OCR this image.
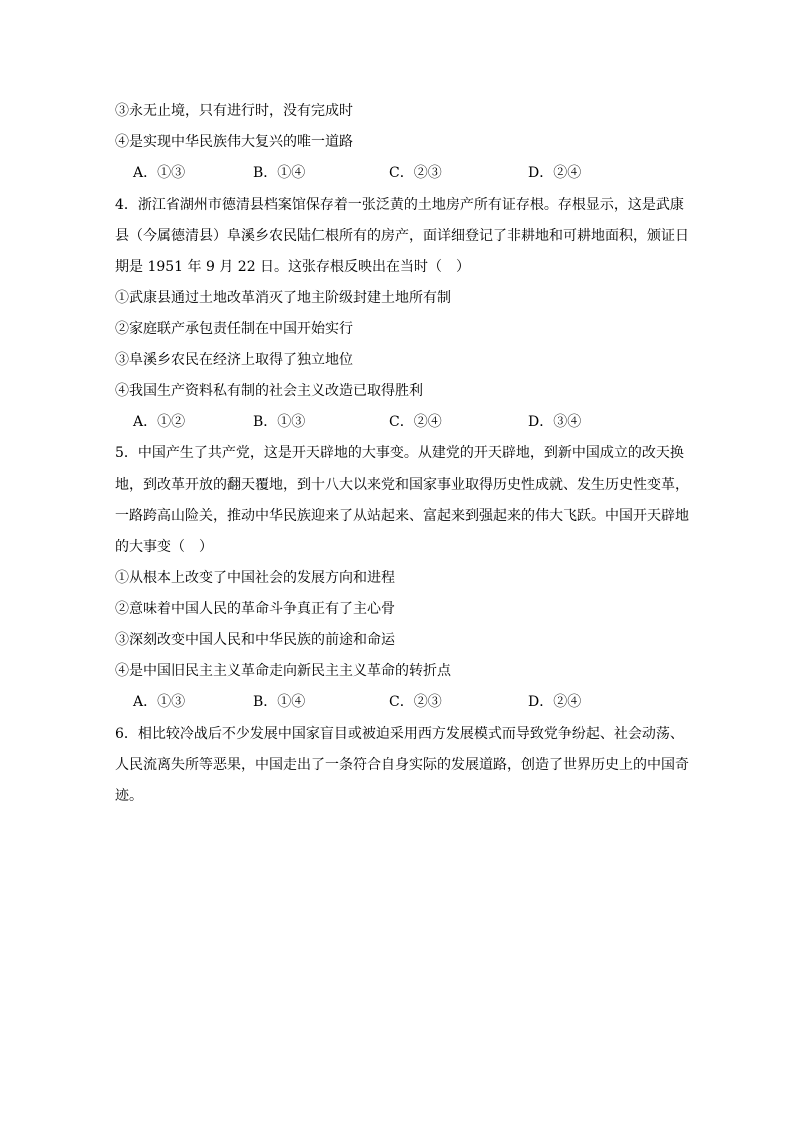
③永无止境，只有进行时，没有完成时
④是实现中华民族伟大复兴的唯一道路
A．①③	B．①④	C．②③	D．②④
4．浙江省湖州市德清县档案馆保存着一张泛黄的土地房产所有证存根。存根显示，这是武康
县（今属德清县）阜溪乡农民陆仁根所有的房产，面详细登记了非耕地和可耕地面积，颁证日
期是 1951 年 9 月 22 日。这张存根反映出在当时（　）
①武康县通过土地改革消灭了地主阶级封建土地所有制
②家庭联产承包责任制在中国开始实行
③阜溪乡农民在经济上取得了独立地位
④我国生产资料私有制的社会主义改造已取得胜利
A．①②	B．①③	C．②④	D．③④
5．中国产生了共产党，这是开天辟地的大事变。从建党的开天辟地，到新中国成立的改天换
地，到改革开放的翻天覆地，到十八大以来党和国家事业取得历史性成就、发生历史性变革，
一路跨高山险关，推动中华民族迎来了从站起来、富起来到强起来的伟大飞跃。中国开天辟地
的大事变（　）
①从根本上改变了中国社会的发展方向和进程
②意味着中国人民的革命斗争真正有了主心骨
③深刻改变中国人民和中华民族的前途和命运
④是中国旧民主主义革命走向新民主主义革命的转折点
A．①③	B．①④	C．②③	D．②④
6．相比较冷战后不少发展中国家盲目或被迫采用西方发展模式而导致党争纷起、社会动荡、
人民流离失所等恶果，中国走出了一条符合自身实际的发展道路，创造了世界历史上的中国奇
迹。
